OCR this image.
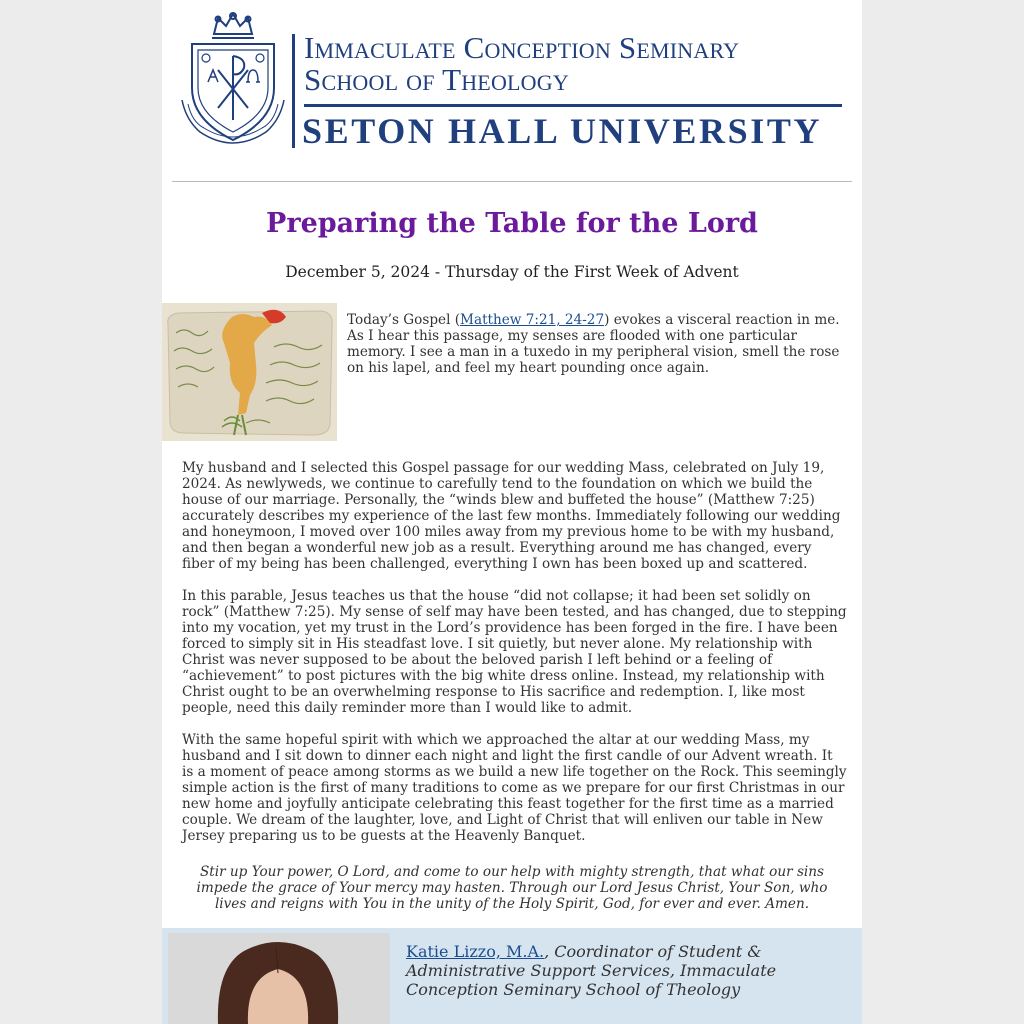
Immaculate Conception Seminary
School of Theology
SETON HALL UNIVERSITY
Preparing the Table for the Lord
December 5, 2024 - Thursday of the First Week of Advent
Today’s Gospel (Matthew 7:21, 24-27) evokes a visceral reaction in me. As I hear this passage, my senses are flooded with one particular memory. I see a man in a tuxedo in my peripheral vision, smell the rose on his lapel, and feel my heart pounding once again.

My husband and I selected this Gospel passage for our wedding Mass, celebrated on July 19, 2024. As newlyweds, we continue to carefully tend to the foundation on which we build the house of our marriage. Personally, the “winds blew and buffeted the house” (Matthew 7:25) accurately describes my experience of the last few months. Immediately following our wedding and honeymoon, I moved over 100 miles away from my previous home to be with my husband, and then began a wonderful new job as a result. Everything around me has changed, every fiber of my being has been challenged, everything I own has been boxed up and scattered.

In this parable, Jesus teaches us that the house “did not collapse; it had been set solidly on rock” (Matthew 7:25). My sense of self may have been tested, and has changed, due to stepping into my vocation, yet my trust in the Lord’s providence has been forged in the fire. I have been forced to simply sit in His steadfast love. I sit quietly, but never alone. My relationship with Christ was never supposed to be about the beloved parish I left behind or a feeling of “achievement” to post pictures with the big white dress online. Instead, my relationship with Christ ought to be an overwhelming response to His sacrifice and redemption. I, like most people, need this daily reminder more than I would like to admit.

With the same hopeful spirit with which we approached the altar at our wedding Mass, my husband and I sit down to dinner each night and light the first candle of our Advent wreath. It is a moment of peace among storms as we build a new life together on the Rock. This seemingly simple action is the first of many traditions to come as we prepare for our first Christmas in our new home and joyfully anticipate celebrating this feast together for the first time as a married couple. We dream of the laughter, love, and Light of Christ that will enliven our table in New Jersey preparing us to be guests at the Heavenly Banquet.

Stir up Your power, O Lord, and come to our help with mighty strength, that what our sins impede the grace of Your mercy may hasten. Through our Lord Jesus Christ, Your Son, who lives and reigns with You in the unity of the Holy Spirit, God, for ever and ever. Amen.
Katie Lizzo, M.A., Coordinator of Student & Administrative Support Services, Immaculate Conception Seminary School of Theology
